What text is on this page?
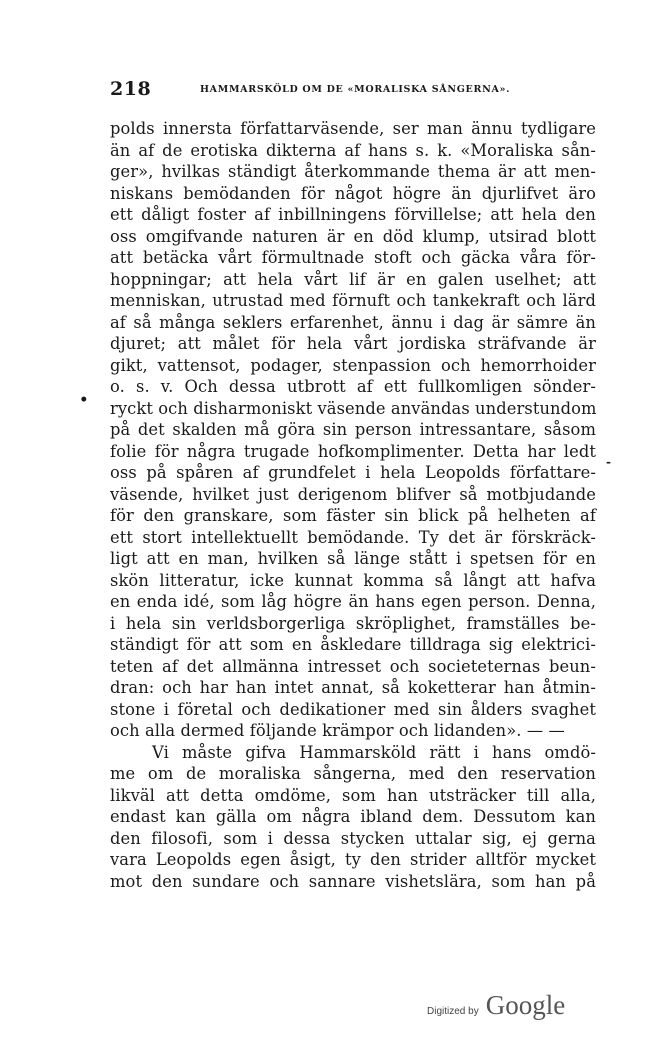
218	HAMMARSKÖLD OM DE «MORALISKA SÅNGERNA».
polds innersta författarväsende, ser man ännu tydligare
än af de erotiska dikterna af hans s. k. «Moraliska sån-
ger», hvilkas ständigt återkommande thema är att men-
niskans bemödanden för något högre än djurlifvet äro
ett dåligt foster af inbillningens förvillelse; att hela den
oss omgifvande naturen är en död klump, utsirad blott
att betäcka vårt förmultnade stoft och gäcka våra för-
hoppningar; att hela vårt lif är en galen uselhet; att
menniskan, utrustad med förnuft och tankekraft och lärd
af så många seklers erfarenhet, ännu i dag är sämre än
djuret; att målet för hela vårt jordiska sträfvande är
gikt, vattensot, podager, stenpassion och hemorrhoider
o. s. v. Och dessa utbrott af ett fullkomligen sönder-
ryckt och disharmoniskt väsende användas understundom
på det skalden må göra sin person intressantare, såsom
folie för några trugade hofkomplimenter. Detta har ledt
oss på spåren af grundfelet i hela Leopolds författare-
väsende, hvilket just derigenom blifver så motbjudande
för den granskare, som fäster sin blick på helheten af
ett stort intellektuellt bemödande. Ty det är förskräck-
ligt att en man, hvilken så länge stått i spetsen för en
skön litteratur, icke kunnat komma så långt att hafva
en enda idé, som låg högre än hans egen person. Denna,
i hela sin verldsborgerliga skröplighet, framställes be-
ständigt för att som en åskledare tilldraga sig elektrici-
teten af det allmänna intresset och societeternas beun-
dran: och har han intet annat, så koketterar han åtmin-
stone i företal och dedikationer med sin ålders svaghet
och alla dermed följande krämpor och lidanden». — —
Vi måste gifva Hammarsköld rätt i hans omdö-
me om de moraliska sångerna, med den reservation
likväl att detta omdöme, som han utsträcker till alla,
endast kan gälla om några ibland dem. Dessutom kan
den filosofi, som i dessa stycken uttalar sig, ej gerna
vara Leopolds egen åsigt, ty den strider alltför mycket
mot den sundare och sannare vishetslära, som han på
•
-
Digitized by Google
